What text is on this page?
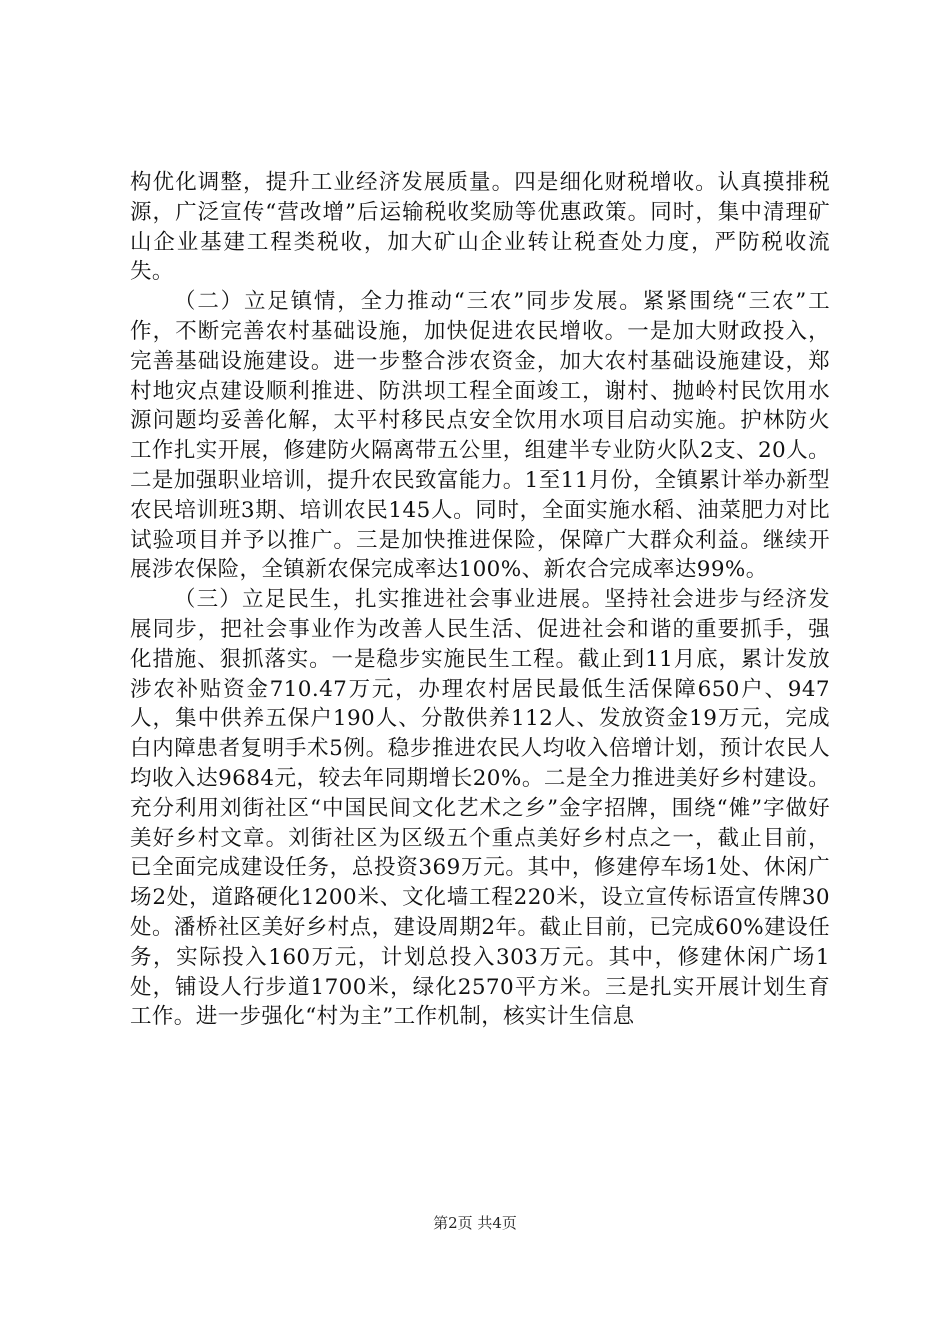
构优化调整，提升工业经济发展质量。四是细化财税增收。认真摸排税源，广泛宣传“营改增”后运输税收奖励等优惠政策。同时，集中清理矿山企业基建工程类税收，加大矿山企业转让税查处力度，严防税收流失。

（二）立足镇情，全力推动“三农”同步发展。紧紧围绕“三农”工作，不断完善农村基础设施，加快促进农民增收。一是加大财政投入，完善基础设施建设。进一步整合涉农资金，加大农村基础设施建设，郑村地灾点建设顺利推进、防洪坝工程全面竣工，谢村、抛岭村民饮用水源问题均妥善化解，太平村移民点安全饮用水项目启动实施。护林防火工作扎实开展，修建防火隔离带五公里，组建半专业防火队2支、20人。二是加强职业培训，提升农民致富能力。1至11月份，全镇累计举办新型农民培训班3期、培训农民145人。同时，全面实施水稻、油菜肥力对比试验项目并予以推广。三是加快推进保险，保障广大群众利益。继续开展涉农保险，全镇新农保完成率达100%、新农合完成率达99%。

（三）立足民生，扎实推进社会事业进展。坚持社会进步与经济发展同步，把社会事业作为改善人民生活、促进社会和谐的重要抓手，强化措施、狠抓落实。一是稳步实施民生工程。截止到11月底，累计发放涉农补贴资金710.47万元，办理农村居民最低生活保障650户、947人，集中供养五保户190人、分散供养112人、发放资金19万元，完成白内障患者复明手术5例。稳步推进农民人均收入倍增计划，预计农民人均收入达9684元，较去年同期增长20%。二是全力推进美好乡村建设。充分利用刘街社区“中国民间文化艺术之乡”金字招牌，围绕“傩”字做好美好乡村文章。刘街社区为区级五个重点美好乡村点之一，截止目前，已全面完成建设任务，总投资369万元。其中，修建停车场1处、休闲广场2处，道路硬化1200米、文化墙工程220米，设立宣传标语宣传牌30处。潘桥社区美好乡村点，建设周期2年。截止目前，已完成60%建设任务，实际投入160万元，计划总投入303万元。其中，修建休闲广场1处，铺设人行步道1700米，绿化2570平方米。三是扎实开展计划生育工作。进一步强化“村为主”工作机制，核实计生信息

第2页 共4页
